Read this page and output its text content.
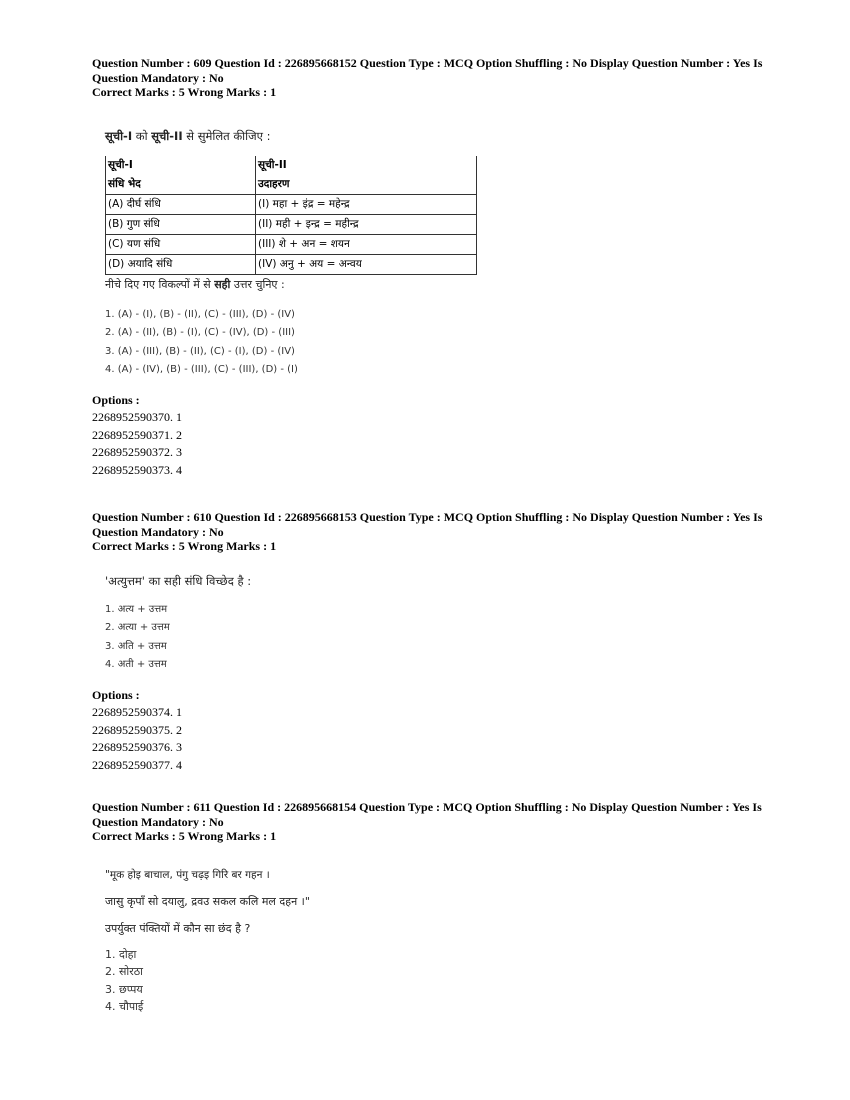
Question Number : 609 Question Id : 226895668152 Question Type : MCQ Option Shuffling : No Display Question Number : Yes Is
Question Mandatory : No
Correct Marks : 5 Wrong Marks : 1
सूची-I को सूची-II से सुमेलित कीजिए :
सूची-I	सूची-II
संधि भेद	उदाहरण
(A) दीर्घ संधि	(I) महा + इंद्र = महेन्द्र
(B) गुण संधि	(II) मही + इन्द्र = महीन्द्र
(C) यण संधि	(III) शे + अन = शयन
(D) अयादि संधि	(IV) अनु + अय = अन्वय
नीचे दिए गए विकल्पों में से सही उत्तर चुनिए :
1. (A) - (I), (B) - (II), (C) - (III), (D) - (IV)
2. (A) - (II), (B) - (I), (C) - (IV), (D) - (III)
3. (A) - (III), (B) - (II), (C) - (I), (D) - (IV)
4. (A) - (IV), (B) - (III), (C) - (III), (D) - (I)
Options :
2268952590370. 1
2268952590371. 2
2268952590372. 3
2268952590373. 4
Question Number : 610 Question Id : 226895668153 Question Type : MCQ Option Shuffling : No Display Question Number : Yes Is
Question Mandatory : No
Correct Marks : 5 Wrong Marks : 1
'अत्युत्तम' का सही संधि विच्छेद है :
1. अत्य + उत्तम
2. अत्या + उत्तम
3. अति + उत्तम
4. अती + उत्तम
Options :
2268952590374. 1
2268952590375. 2
2268952590376. 3
2268952590377. 4
Question Number : 611 Question Id : 226895668154 Question Type : MCQ Option Shuffling : No Display Question Number : Yes Is
Question Mandatory : No
Correct Marks : 5 Wrong Marks : 1
"मूक होइ बाचाल, पंगु चढ़इ गिरि बर गहन ।
जासु कृपाँ सो दयालु, द्रवउ सकल कलि मल दहन ।"
उपर्युक्त पंक्तियों में कौन सा छंद है ?
1. दोहा
2. सोरठा
3. छप्पय
4. चौपाई
